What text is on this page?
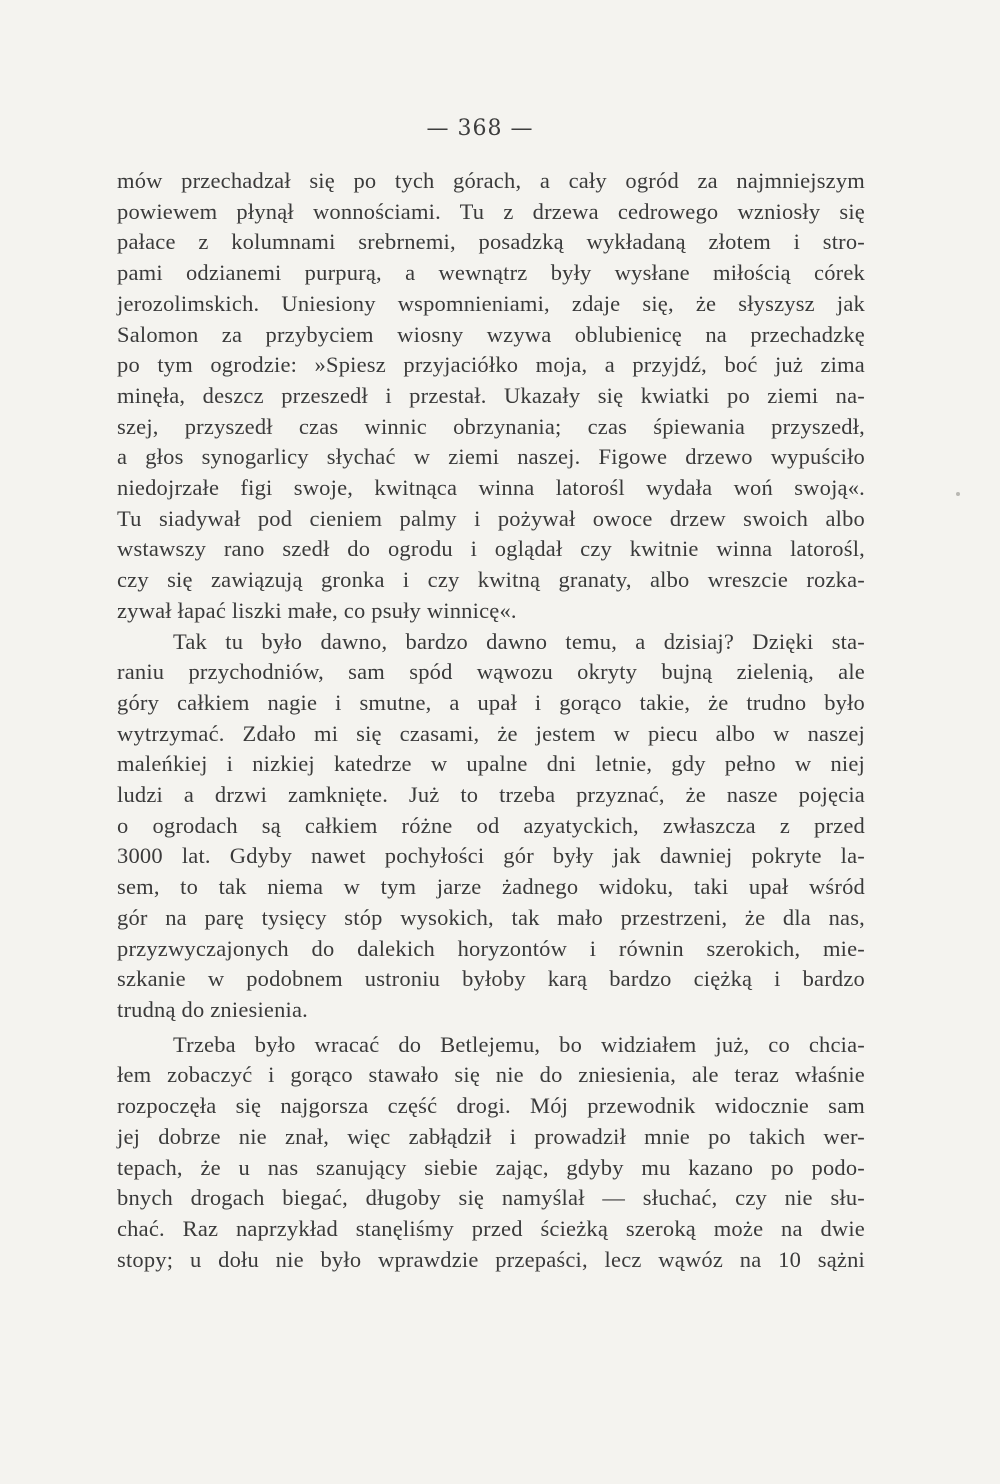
— 368 —
mów przechadzał się po tych górach, a cały ogród za najmniejszym
powiewem płynął wonnościami. Tu z drzewa cedrowego wzniosły się
pałace z kolumnami srebrnemi, posadzką wykładaną złotem i stro-
pami odzianemi purpurą, a wewnątrz były wysłane miłością córek
jerozolimskich. Uniesiony wspomnieniami, zdaje się, że słyszysz jak
Salomon za przybyciem wiosny wzywa oblubienicę na przechadzkę
po tym ogrodzie: »Spiesz przyjaciółko moja, a przyjdź, boć już zima
minęła, deszcz przeszedł i przestał. Ukazały się kwiatki po ziemi na-
szej, przyszedł czas winnic obrzynania; czas śpiewania przyszedł,
a głos synogarlicy słychać w ziemi naszej. Figowe drzewo wypuściło
niedojrzałe figi swoje, kwitnąca winna latorośl wydała woń swoją«.
Tu siadywał pod cieniem palmy i pożywał owoce drzew swoich albo
wstawszy rano szedł do ogrodu i oglądał czy kwitnie winna latorośl,
czy się zawiązują gronka i czy kwitną granaty, albo wreszcie rozka-
zywał łapać liszki małe, co psuły winnicę«.
Tak tu było dawno, bardzo dawno temu, a dzisiaj? Dzięki sta-
raniu przychodniów, sam spód wąwozu okryty bujną zielenią, ale
góry całkiem nagie i smutne, a upał i gorąco takie, że trudno było
wytrzymać. Zdało mi się czasami, że jestem w piecu albo w naszej
maleńkiej i nizkiej katedrze w upalne dni letnie, gdy pełno w niej
ludzi a drzwi zamknięte. Już to trzeba przyznać, że nasze pojęcia
o ogrodach są całkiem różne od azyatyckich, zwłaszcza z przed
3000 lat. Gdyby nawet pochyłości gór były jak dawniej pokryte la-
sem, to tak niema w tym jarze żadnego widoku, taki upał wśród
gór na parę tysięcy stóp wysokich, tak mało przestrzeni, że dla nas,
przyzwyczajonych do dalekich horyzontów i równin szerokich, mie-
szkanie w podobnem ustroniu byłoby karą bardzo ciężką i bardzo
trudną do zniesienia.
Trzeba było wracać do Betlejemu, bo widziałem już, co chcia-
łem zobaczyć i gorąco stawało się nie do zniesienia, ale teraz właśnie
rozpoczęła się najgorsza część drogi. Mój przewodnik widocznie sam
jej dobrze nie znał, więc zabłądził i prowadził mnie po takich wer-
tepach, że u nas szanujący siebie zając, gdyby mu kazano po podo-
bnych drogach biegać, długoby się namyślał — słuchać, czy nie słu-
chać. Raz naprzykład stanęliśmy przed ścieżką szeroką może na dwie
stopy; u dołu nie było wprawdzie przepaści, lecz wąwóz na 10 sążni
